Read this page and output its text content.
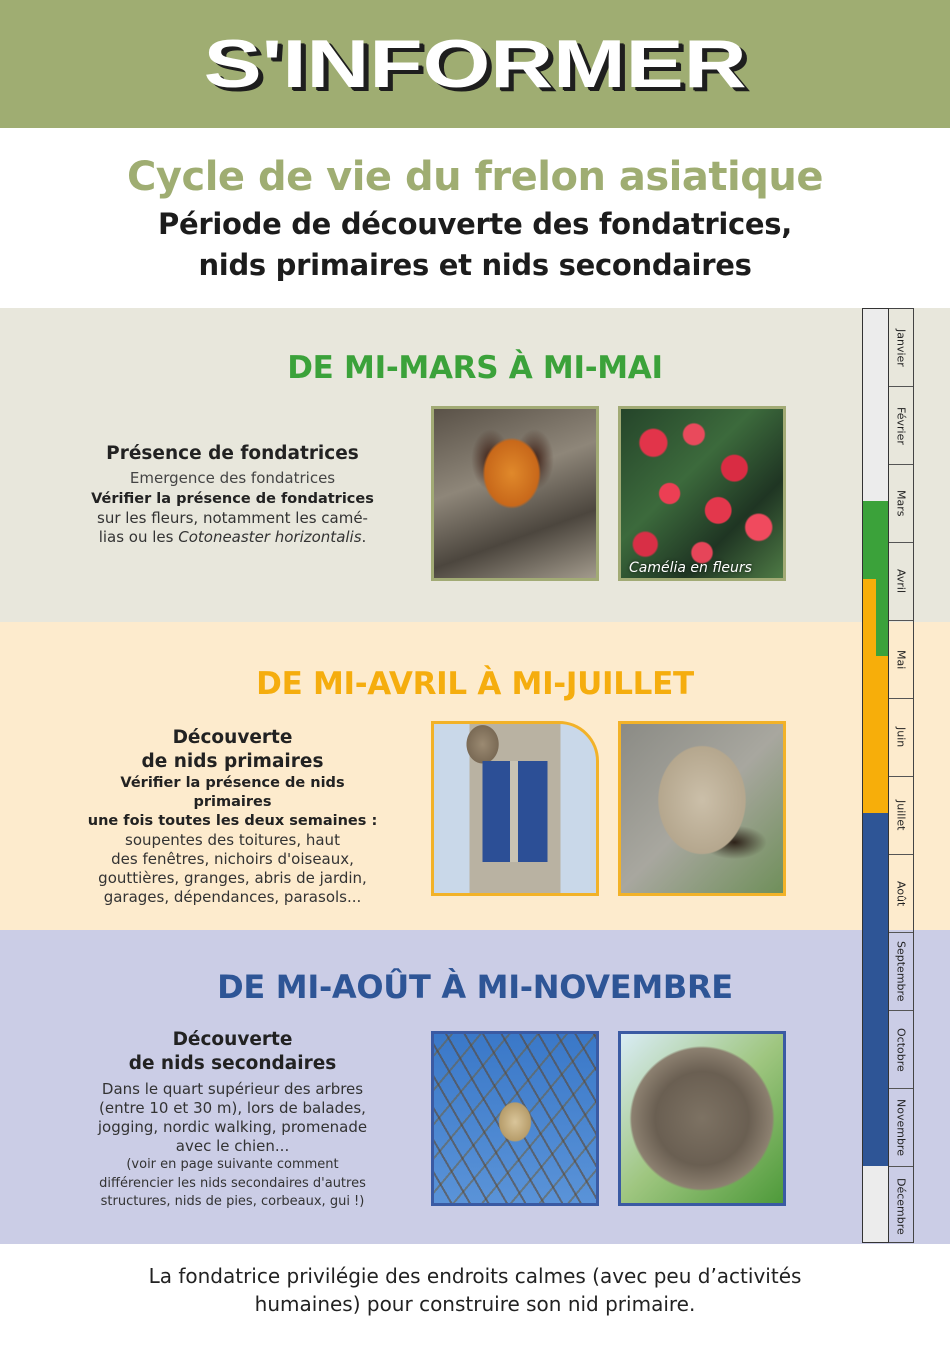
S'INFORMER
Cycle de vie du frelon asiatique
Période de découverte des fondatrices,
nids primaires et nids secondaires
DE MI-MARS À MI-MAI
Présence de fondatrices
Emergence des fondatrices
Vérifier la présence de fondatrices
sur les fleurs, notamment les camé-
lias ou les Cotoneaster horizontalis.
Camélia en fleurs
DE MI-AVRIL À MI-JUILLET
Découverte
de nids primaires
Vérifier la présence de nids primaires
une fois toutes les deux semaines :
soupentes des toitures, haut
des fenêtres, nichoirs d'oiseaux,
gouttières, granges, abris de jardin,
garages, dépendances, parasols...
DE MI-AOÛT À MI-NOVEMBRE
Découverte
de nids secondaires
Dans le quart supérieur des arbres
(entre 10 et 30 m), lors de balades,
jogging, nordic walking, promenade
avec le chien...
(voir en page suivante comment
différencier les nids secondaires d'autres
structures, nids de pies, corbeaux, gui !)
Janvier
Février
Mars
Avril
Mai
Juin
Juillet
Août
Septembre
Octobre
Novembre
Décembre
La fondatrice privilégie des endroits calmes (avec peu d’activités
humaines) pour construire son nid primaire.
